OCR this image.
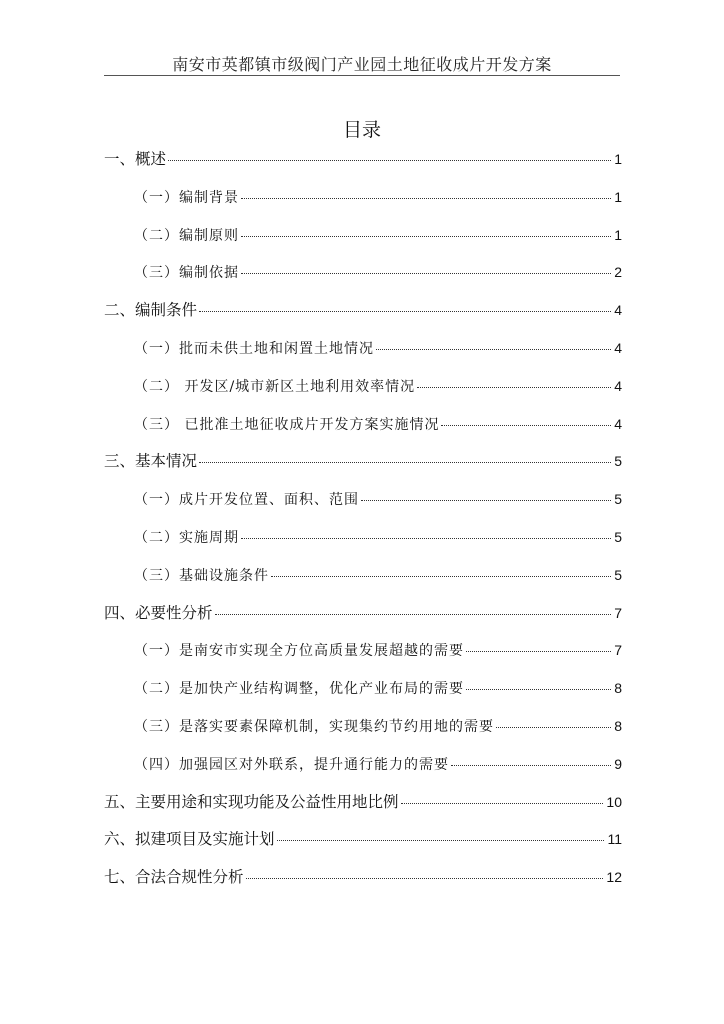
南安市英都镇市级阀门产业园土地征收成片开发方案
目录
一、概述	1
（一）编制背景	1
（二）编制原则	1
（三）编制依据	2
二、编制条件	4
（一）批而未供土地和闲置土地情况	4
（二） 开发区/城市新区土地利用效率情况	4
（三） 已批准土地征收成片开发方案实施情况	4
三、基本情况	5
（一）成片开发位置、面积、范围	5
（二）实施周期	5
（三）基础设施条件	5
四、必要性分析	7
（一）是南安市实现全方位高质量发展超越的需要	7
（二）是加快产业结构调整，优化产业布局的需要	8
（三）是落实要素保障机制，实现集约节约用地的需要	8
（四）加强园区对外联系，提升通行能力的需要	9
五、主要用途和实现功能及公益性用地比例	10
六、拟建项目及实施计划	11
七、合法合规性分析	12
